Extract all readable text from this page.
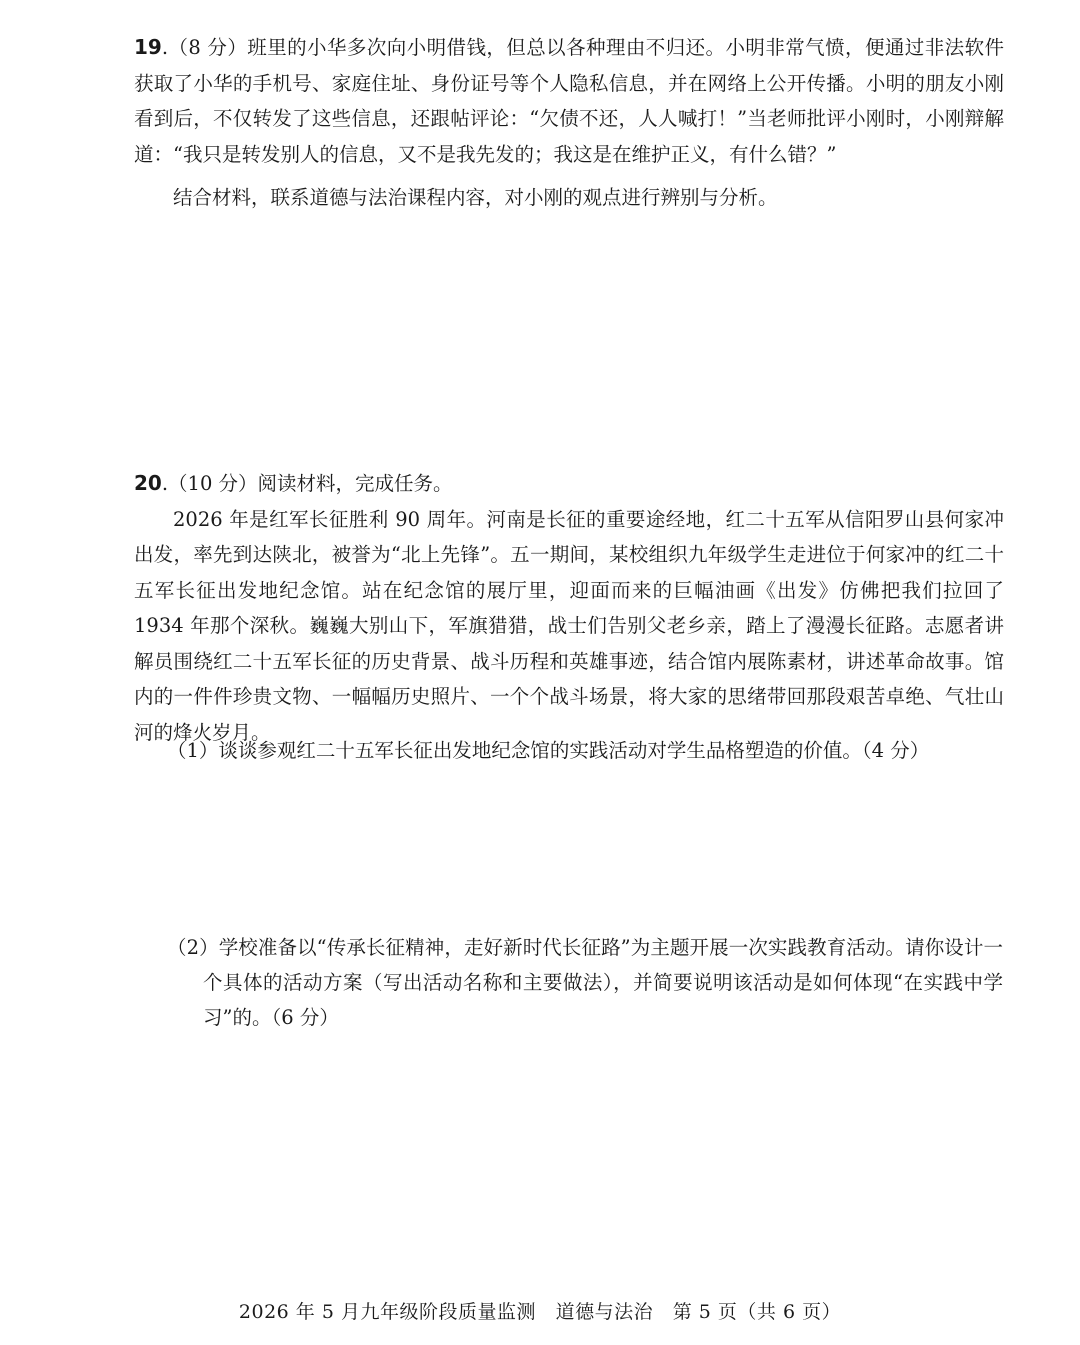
19.（8 分）班里的小华多次向小明借钱，但总以各种理由不归还。小明非常气愤，便通过非法软件获取了小华的手机号、家庭住址、身份证号等个人隐私信息，并在网络上公开传播。小明的朋友小刚看到后，不仅转发了这些信息，还跟帖评论：“欠债不还，人人喊打！”当老师批评小刚时，小刚辩解道：“我只是转发别人的信息，又不是我先发的；我这是在维护正义，有什么错？”

结合材料，联系道德与法治课程内容，对小刚的观点进行辨别与分析。

20.（10 分）阅读材料，完成任务。

2026 年是红军长征胜利 90 周年。河南是长征的重要途经地，红二十五军从信阳罗山县何家冲出发，率先到达陕北，被誉为“北上先锋”。五一期间，某校组织九年级学生走进位于何家冲的红二十五军长征出发地纪念馆。站在纪念馆的展厅里，迎面而来的巨幅油画《出发》仿佛把我们拉回了 1934 年那个深秋。巍巍大别山下，军旗猎猎，战士们告别父老乡亲，踏上了漫漫长征路。志愿者讲解员围绕红二十五军长征的历史背景、战斗历程和英雄事迹，结合馆内展陈素材，讲述革命故事。馆内的一件件珍贵文物、一幅幅历史照片、一个个战斗场景，将大家的思绪带回那段艰苦卓绝、气壮山河的烽火岁月。

（1）谈谈参观红二十五军长征出发地纪念馆的实践活动对学生品格塑造的价值。（4 分）

（2）学校准备以“传承长征精神，走好新时代长征路”为主题开展一次实践教育活动。请你设计一个具体的活动方案（写出活动名称和主要做法），并简要说明该活动是如何体现“在实践中学习”的。（6 分）

2026 年 5 月九年级阶段质量监测 道德与法治 第 5 页（共 6 页）
